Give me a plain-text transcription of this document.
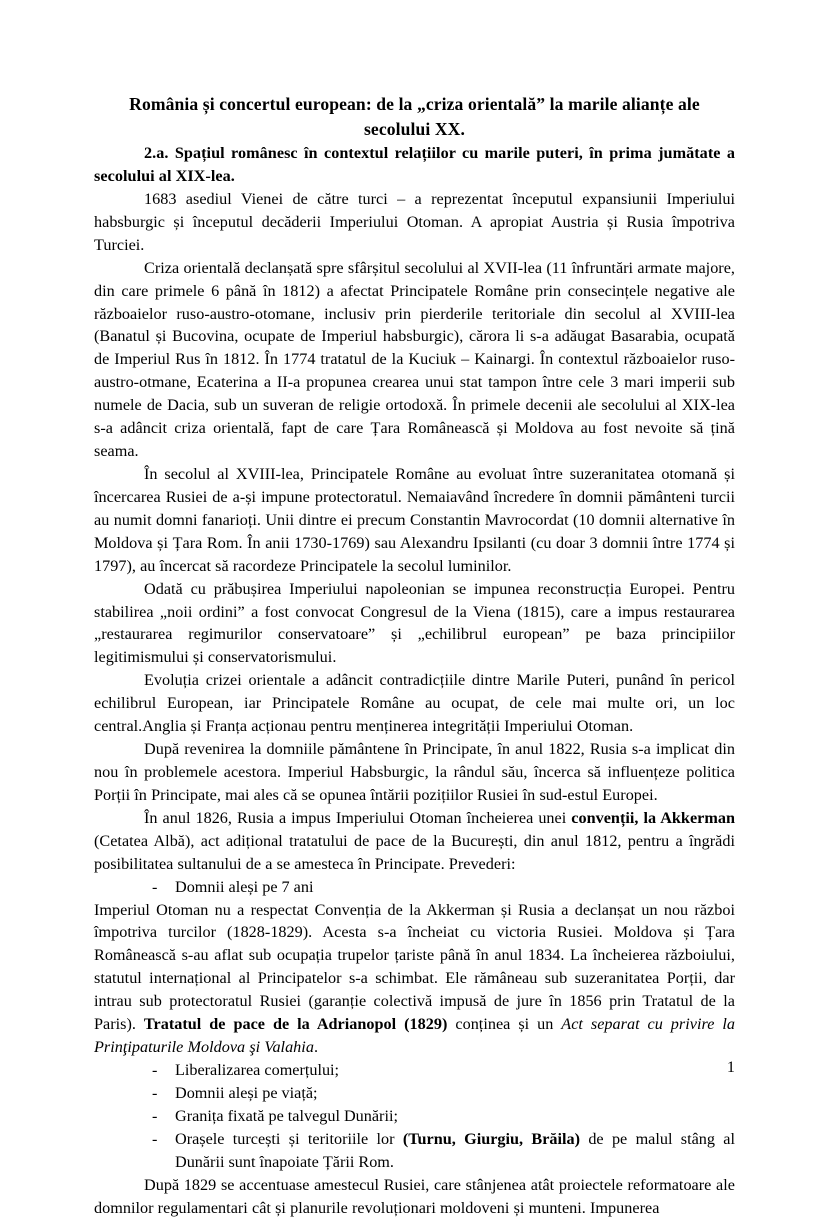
România și concertul european: de la „criza orientală” la marile alianțe ale secolului XX.

2.a. Spațiul românesc în contextul relațiilor cu marile puteri, în prima jumătate a secolului al XIX-lea.

1683 asediul Vienei de către turci – a reprezentat începutul expansiunii Imperiului habsburgic și începutul decăderii Imperiului Otoman. A apropiat Austria și Rusia împotriva Turciei.

Criza orientală declanșată spre sfârșitul secolului al XVII-lea (11 înfruntări armate majore, din care primele 6 până în 1812) a afectat Principatele Române prin consecințele negative ale războaielor ruso-austro-otomane, inclusiv prin pierderile teritoriale din secolul al XVIII-lea (Banatul și Bucovina, ocupate de Imperiul habsburgic), cărora li s-a adăugat Basarabia, ocupată de Imperiul Rus în 1812. În 1774 tratatul de la Kuciuk – Kainargi. În contextul războaielor ruso-austro-otmane, Ecaterina a II-a propunea crearea unui stat tampon între cele 3 mari imperii sub numele de Dacia, sub un suveran de religie ortodoxă. În primele decenii ale secolului al XIX-lea s-a adâncit criza orientală, fapt de care Țara Românească și Moldova au fost nevoite să țină seama.

În secolul al XVIII-lea, Principatele Române au evoluat între suzeranitatea otomană și încercarea Rusiei de a-și impune protectoratul. Nemaiavând încredere în domnii pământeni turcii au numit domni fanarioți. Unii dintre ei precum Constantin Mavrocordat (10 domnii alternative în Moldova și Țara Rom. În anii 1730-1769) sau Alexandru Ipsilanti (cu doar 3 domnii între 1774 și 1797), au încercat să racordeze Principatele la secolul luminilor.

Odată cu prăbușirea Imperiului napoleonian se impunea reconstrucția Europei. Pentru stabilirea „noii ordini” a fost convocat Congresul de la Viena (1815), care a impus restaurarea „restaurarea regimurilor conservatoare” și „echilibrul european” pe baza principiilor legitimismului și conservatorismului.

Evoluția crizei orientale a adâncit contradicțiile dintre Marile Puteri, punând în pericol echilibrul European, iar Principatele Române au ocupat, de cele mai multe ori, un loc central.Anglia și Franța acționau pentru menținerea integrității Imperiului Otoman.

După revenirea la domniile pământene în Principate, în anul 1822, Rusia s-a implicat din nou în problemele acestora. Imperiul Habsburgic, la rândul său, încerca să influențeze politica Porții în Principate, mai ales că se opunea întării pozițiilor Rusiei în sud-estul Europei.

În anul 1826, Rusia a impus Imperiului Otoman încheierea unei convenții, la Akkerman (Cetatea Albă), act adițional tratatului de pace de la București, din anul 1812, pentru a îngrădi posibilitatea sultanului de a se amesteca în Principate. Prevederi:

-	Domnii aleși pe 7 ani

Imperiul Otoman nu a respectat Convenția de la Akkerman și Rusia a declanșat un nou război împotriva turcilor (1828-1829). Acesta s-a încheiat cu victoria Rusiei. Moldova și Țara Românească s-au aflat sub ocupația trupelor țariste până în anul 1834. La încheierea războiului, statutul internațional al Principatelor s-a schimbat. Ele rămâneau sub suzeranitatea Porții, dar intrau sub protectoratul Rusiei (garanție colectivă impusă de jure în 1856 prin Tratatul de la Paris). Tratatul de pace de la Adrianopol (1829) conținea și un Act separat cu privire la Prinţipaturile Moldova şi Valahia.

-	Liberalizarea comerțului;
-	Domnii aleși pe viață;
-	Granița fixată pe talvegul Dunării;
-	Orașele turcești și teritoriile lor (Turnu, Giurgiu, Brăila) de pe malul stâng al Dunării sunt înapoiate Țării Rom.

După 1829 se accentuase amestecul Rusiei, care stânjenea atât proiectele reformatoare ale domnilor regulamentari cât și planurile revoluționari moldoveni și munteni. Impunerea

1
